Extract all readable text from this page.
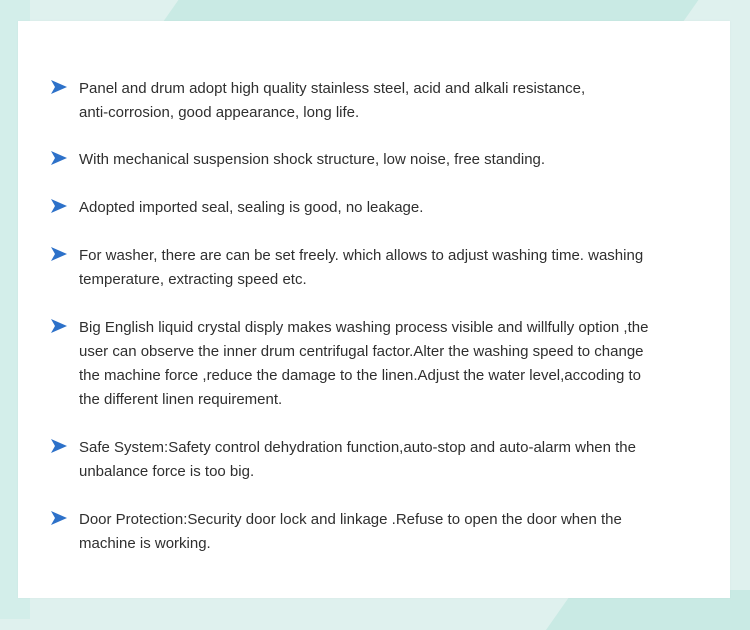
Panel and drum adopt high quality stainless steel, acid and alkali resistance,
anti-corrosion, good appearance, long life.
With mechanical suspension shock structure, low noise, free standing.
Adopted imported seal, sealing is good, no leakage.
For washer, there are can be set freely. which allows to adjust washing time. washing
temperature, extracting speed etc.
Big English liquid crystal disply makes washing process visible and willfully option ,the
user can observe the inner drum centrifugal factor.Alter the washing speed to change
the machine force ,reduce the damage to the linen.Adjust the water level,accoding to
the different linen requirement.
Safe System:Safety control dehydration function,auto-stop and auto-alarm when the
unbalance force is too big.
Door Protection:Security door lock and linkage .Refuse to open the door when the
machine is working.
